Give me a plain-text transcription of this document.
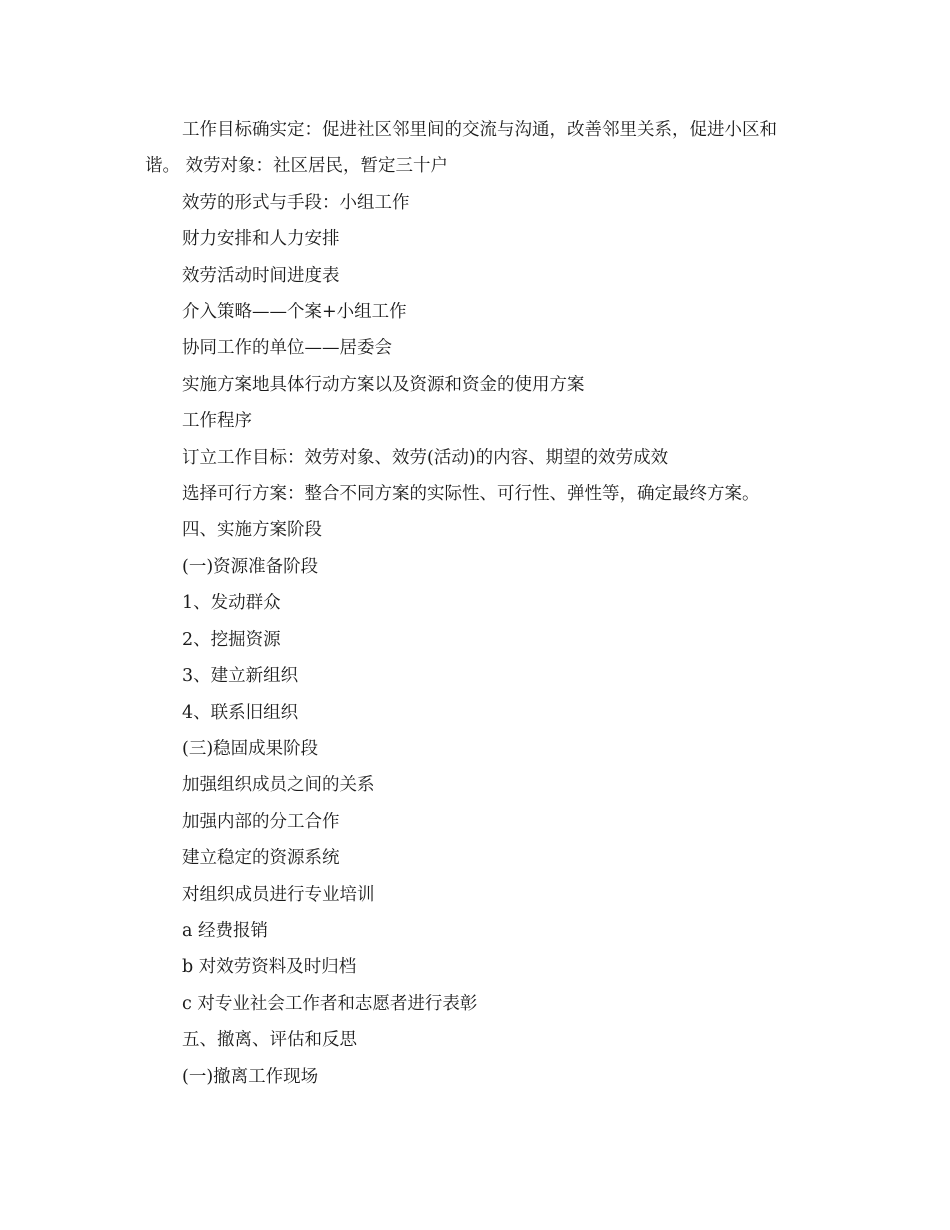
工作目标确实定：促进社区邻里间的交流与沟通，改善邻里关系，促进小区和谐。 效劳对象：社区居民，暂定三十户

效劳的形式与手段：小组工作

财力安排和人力安排

效劳活动时间进度表

介入策略——个案+小组工作

协同工作的单位——居委会

实施方案地具体行动方案以及资源和资金的使用方案

工作程序

订立工作目标：效劳对象、效劳(活动)的内容、期望的效劳成效

选择可行方案：整合不同方案的实际性、可行性、弹性等，确定最终方案。

四、实施方案阶段

(一)资源准备阶段

1、发动群众

2、挖掘资源

3、建立新组织

4、联系旧组织

(三)稳固成果阶段

加强组织成员之间的关系

加强内部的分工合作

建立稳定的资源系统

对组织成员进行专业培训

a 经费报销

b 对效劳资料及时归档

c 对专业社会工作者和志愿者进行表彰

五、撤离、评估和反思

(一)撤离工作现场
